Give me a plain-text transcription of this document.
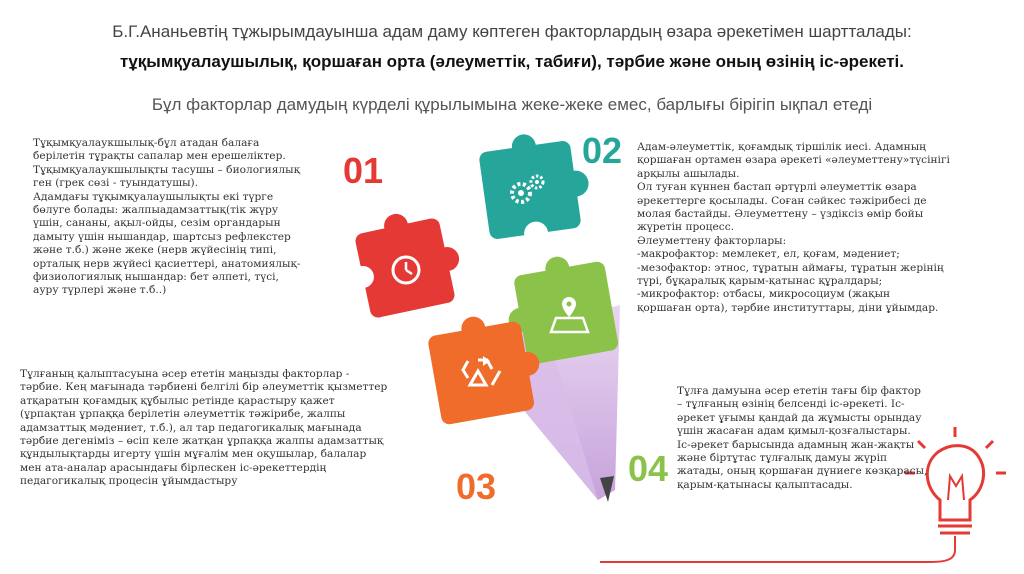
Б.Г.Ананьевтің тұжырымдауынша адам даму көптеген факторлардың өзара әрекетімен шартталады:
тұқымқуалаушылық, қоршаған орта (әлеуметтік, табиғи), тәрбие және оның өзінің іс-әрекеті.
Бұл факторлар дамудың күрделі құрылымына жеке-жеке емес, барлығы бірігіп ықпал етеді
01	02
03	04
Тұқымқуалаукшылық-бұл атадан балаға
берілетін тұрақты сапалар мен ерешеліктер.
Тұқымқуалаукшылықты тасушы – биологиялық
ген (грек сөзі - туындатушы).
Адамдағы тұқымқуалаушылықты екі түрге
бөлуге болады: жалпыадамзаттық(тік жүру
үшін, сананы, ақыл-ойды, сезім органдарын
дамыту үшін нышандар, шартсыз рефлекстер
және т.б.) және жеке (нерв жүйесінің типі,
орталық нерв жүйесі қасиеттері, анатомиялық-
физиологиялық нышандар: бет әлпеті, түсі,
ауру түрлері және т.б..)
Адам-әлеуметтік, қоғамдық тіршілік иесі. Адамның
қоршаған ортамен өзара әрекеті «әлеуметтену»түсінігі
арқылы ашылады.
Ол туған күннен бастап әртүрлі әлеуметтік өзара
әрекеттерге қосылады. Соған сәйкес тәжірибесі де
молая бастайды. Әлеуметтену – үздіксіз өмір бойы
жүретін процесс.
Әлеуметтену факторлары:
-макрофактор: мемлекет, ел, қоғам, мәдениет;
-мезофактор: этнос, тұратын аймағы, тұратын жерінің
түрі, бұқаралық қарым-қатынас құралдары;
-микрофактор: отбасы, микросоциум (жақын
қоршаған орта), тәрбие институттары, діни ұйымдар.
Тұлғаның қалыптасуына әсер ететін маңызды факторлар -
тәрбие. Кең мағынада тәрбиені белгілі бір әлеуметтік қызметтер
атқаратын қоғамдық құбылыс ретінде қарастыру қажет
(ұрпақтан ұрпаққа берілетін әлеуметтік тәжірибе, жалпы
адамзаттық мәдениет, т.б.), ал тар педагогикалық мағынада
тәрбие дегеніміз – өсіп келе жатқан ұрпаққа жалпы адамзаттық
құндылықтарды игерту үшін мұғалім мен оқушылар, балалар
мен ата-аналар арасындағы бірлескен іс-әрекеттердің
педагогикалық процесін ұйымдастыру
Тұлға дамуына әсер ететін тағы бір фактор
– тұлғаның өзінің белсенді іс-әрекеті. Іс-
әрекет ұғымы қандай да жұмысты орындау
үшін жасаған адам қимыл-қозғалыстары.
Іс-әрекет барысында адамның жан-жақты
және біртұтас тұлғалық дамуы жүріп
жатады, оның қоршаған дүниеге көзқарасы,
қарым-қатынасы қалыптасады.
